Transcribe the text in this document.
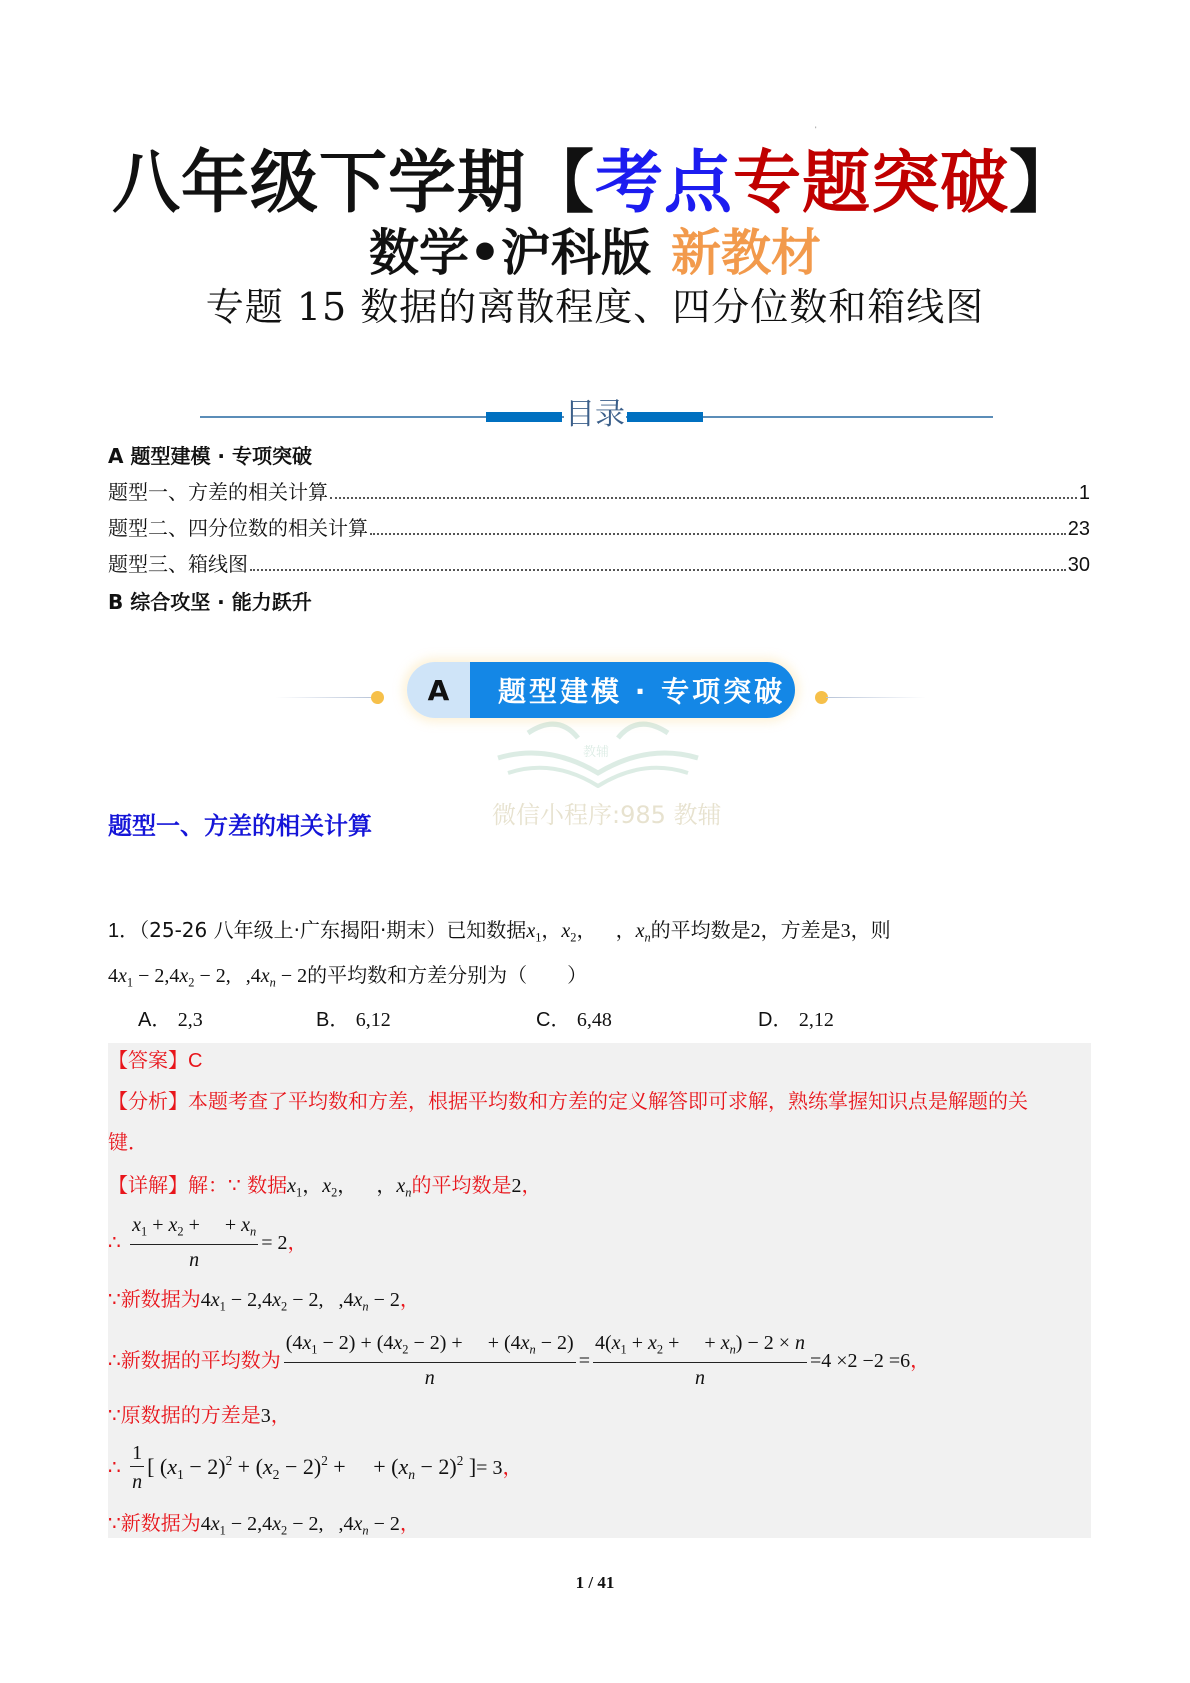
'
八年级下学期【考点专题突破】
数学•沪科版 新教材
专题 15 数据的离散程度、四分位数和箱线图
目录
A 题型建模 · 专项突破
题型一、方差的相关计算	1
题型二、四分位数的相关计算	23
题型三、箱线图	30
B 综合攻坚 · 能力跃升
A	题型建模 · 专项突破
教辅
微信小程序:985 教辅
题型一、方差的相关计算
1．（25-26 八年级上·广东揭阳·期末）已知数据$x_1$，$x_2$，   ，$x_n$的平均数是2，方差是3，则
$4x_1 - 2,4x_2 - 2$,   $,4x_n - 2$的平均数和方差分别为（　　）
A． 2,3	B． 6,12	C． 6,48	D． 2,12
【答案】C
【分析】本题考查了平均数和方差，根据平均数和方差的定义解答即可求解，熟练掌握知识点是解题的关
键．
【详解】解：∵ 数据$x_1$，$x_2$，   ，$x_n$的平均数是2，
∴ $\frac{x_1 + x_2 + + x_n}{n} = 2$，
∵新数据为$4x_1 - 2,4x_2 - 2$,   $,4x_n - 2$，
∴新数据的平均数为 $\frac{(4x_1 - 2) + (4x_2 - 2) + + (4x_n - 2)}{n} = \frac{4(x_1 + x_2 + + x_n) - 2 \times n}{n} =4 \times 2 -2 =6$，
∵原数据的方差是3，
∴ $\frac{1}{n}$ [ $(x_1 - 2)^2 + (x_2 - 2)^2$ +     + $(x_n - 2)^2$ ]= 3，
∵新数据为$4x_1 - 2,4x_2 - 2$,   $,4x_n - 2$，
1 / 41
